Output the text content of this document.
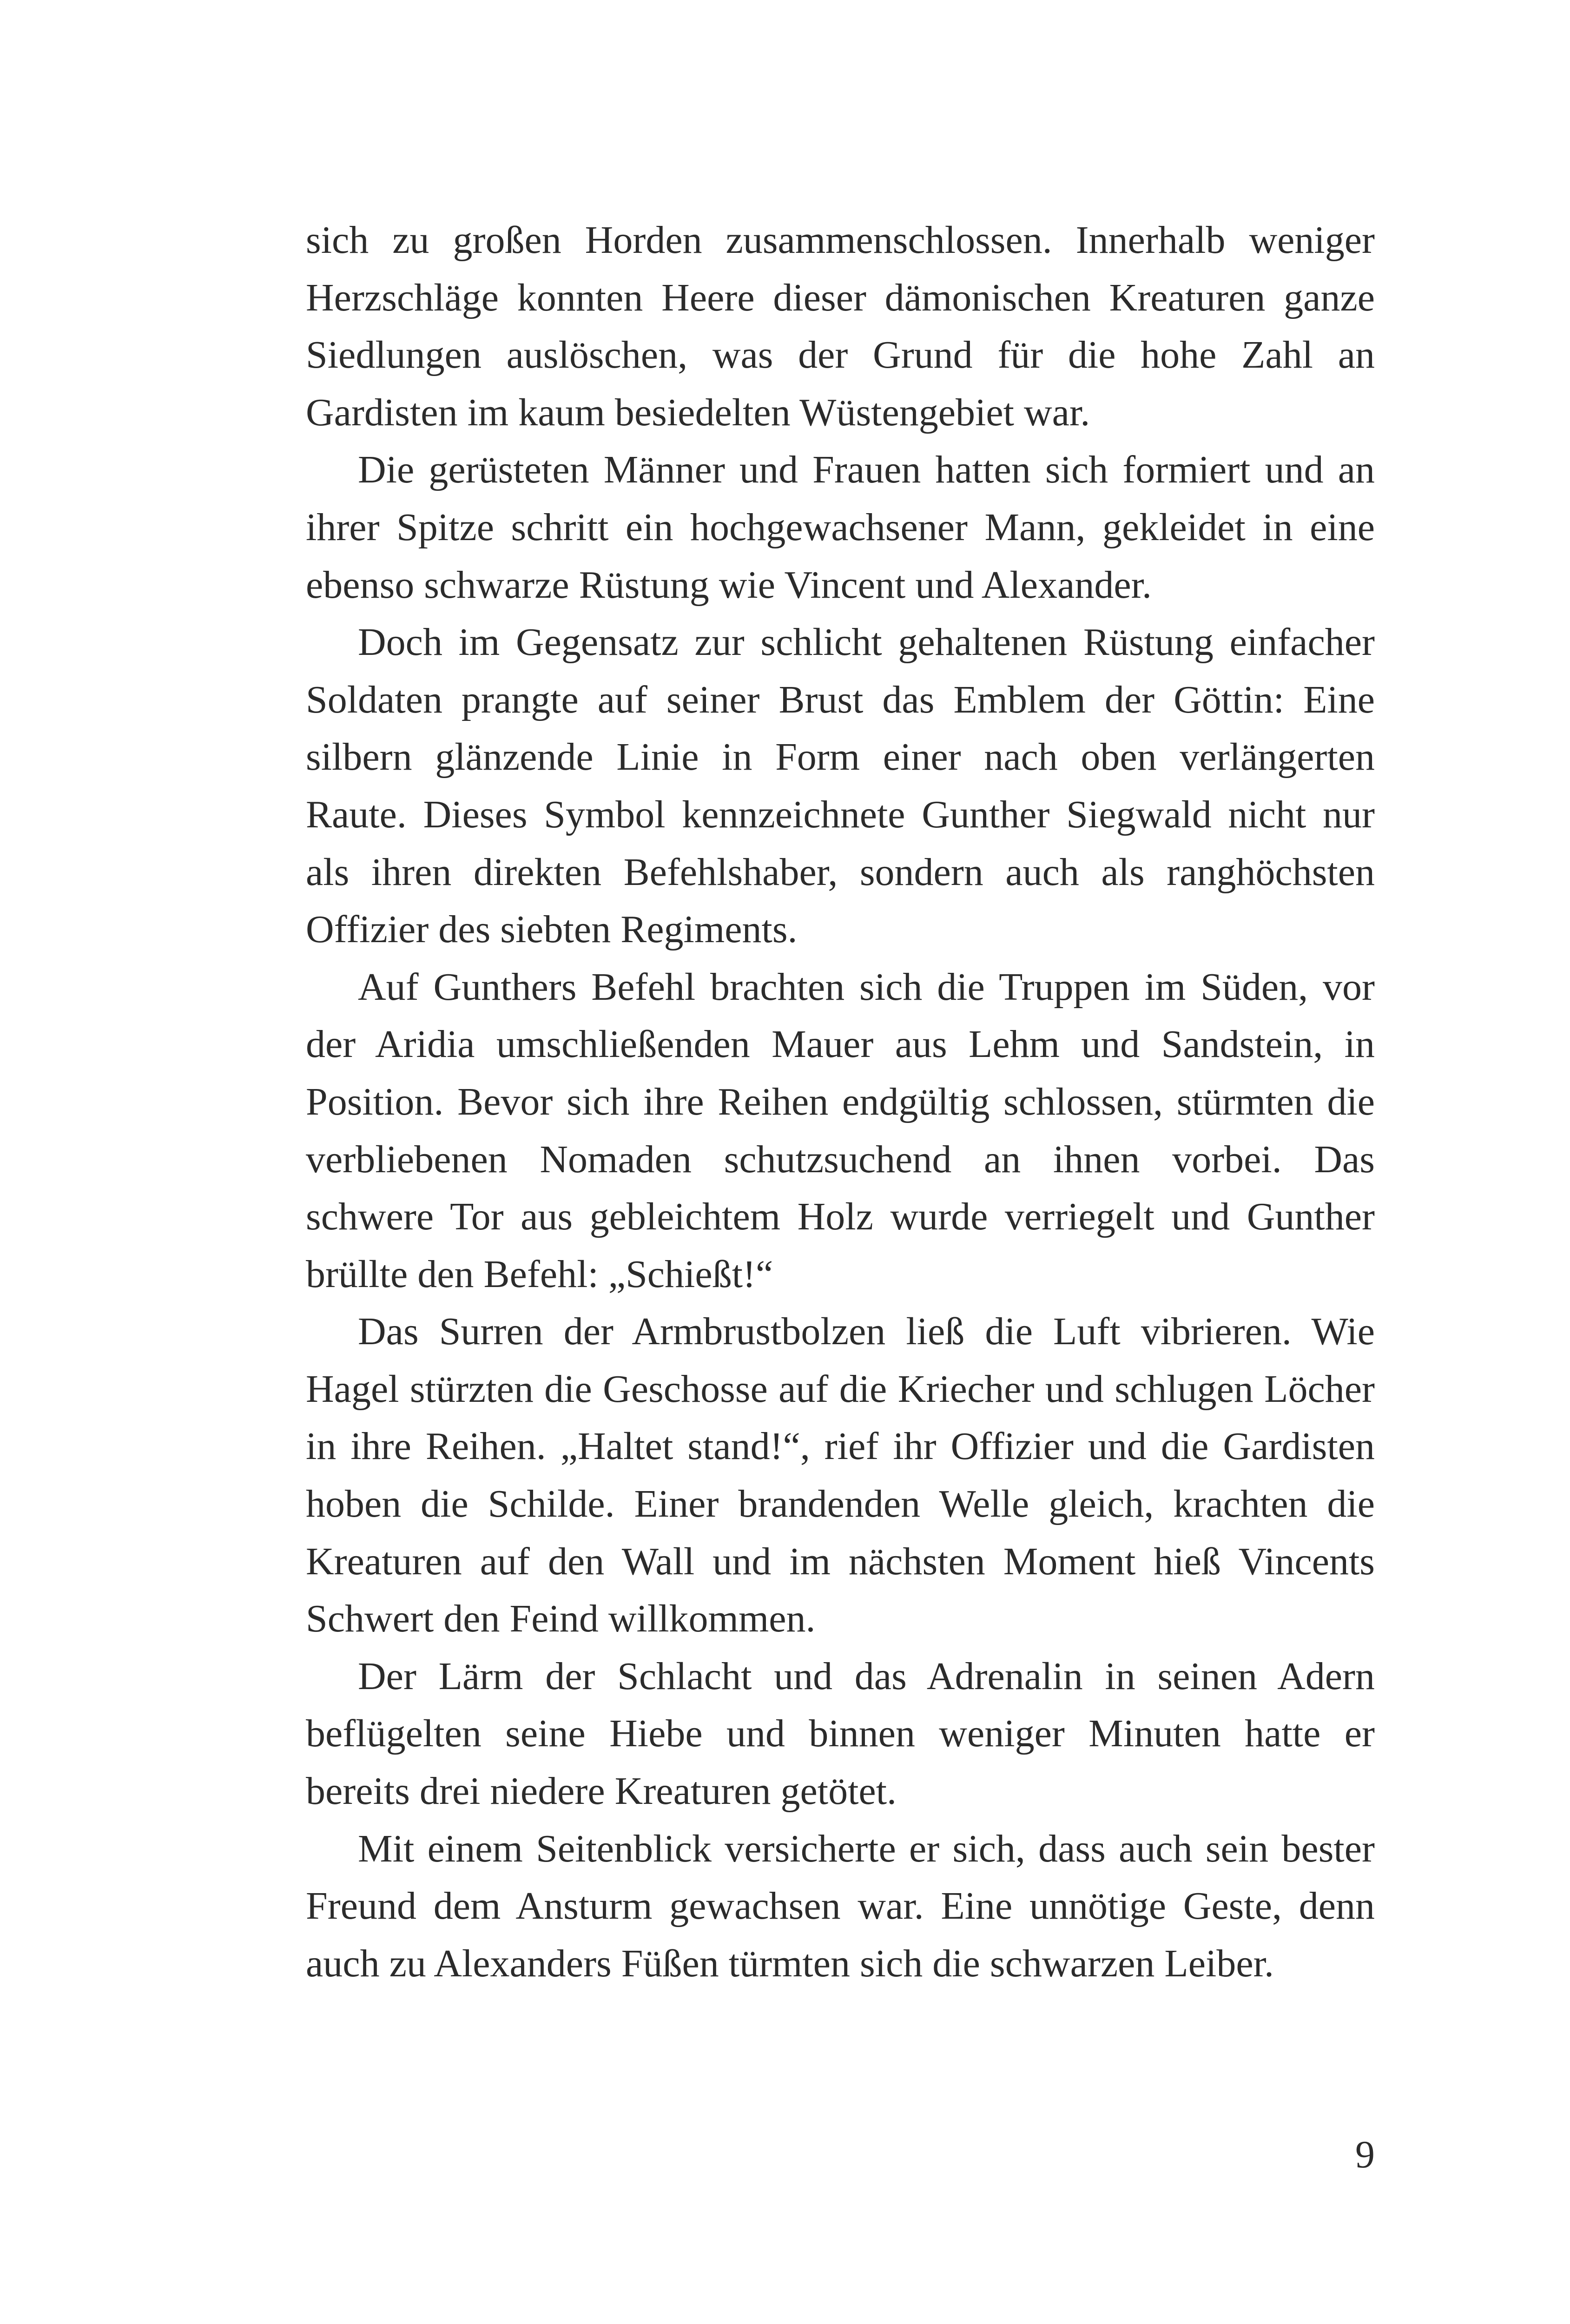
sich zu großen Horden zusammenschlossen. Innerhalb weniger Herzschläge konnten Heere dieser dämonischen Kreaturen ganze Siedlungen auslöschen, was der Grund für die hohe Zahl an Gardisten im kaum besiedelten Wüstengebiet war.

Die gerüsteten Männer und Frauen hatten sich formiert und an ihrer Spitze schritt ein hochgewachsener Mann, gekleidet in eine ebenso schwarze Rüstung wie Vincent und Alexander.

Doch im Gegensatz zur schlicht gehaltenen Rüstung einfacher Soldaten prangte auf seiner Brust das Emblem der Göttin: Eine silbern glänzende Linie in Form einer nach oben verlängerten Raute. Dieses Symbol kennzeichnete Gunther Siegwald nicht nur als ihren direkten Befehlshaber, sondern auch als ranghöchsten Offizier des siebten Regiments.

Auf Gunthers Befehl brachten sich die Truppen im Süden, vor der Aridia umschließenden Mauer aus Lehm und Sandstein, in Position. Bevor sich ihre Reihen endgültig schlossen, stürmten die verbliebenen Nomaden schutzsuchend an ihnen vorbei. Das schwere Tor aus gebleichtem Holz wurde verriegelt und Gunther brüllte den Befehl: „Schießt!“

Das Surren der Armbrustbolzen ließ die Luft vibrieren. Wie Hagel stürzten die Geschosse auf die Kriecher und schlugen Löcher in ihre Reihen. „Haltet stand!“, rief ihr Offizier und die Gardisten hoben die Schilde. Einer brandenden Welle gleich, krachten die Kreaturen auf den Wall und im nächsten Moment hieß Vincents Schwert den Feind willkommen.

Der Lärm der Schlacht und das Adrenalin in seinen Adern beflügelten seine Hiebe und binnen weniger Minuten hatte er bereits drei niedere Kreaturen getötet.

Mit einem Seitenblick versicherte er sich, dass auch sein bester Freund dem Ansturm gewachsen war. Eine unnötige Geste, denn auch zu Alexanders Füßen türmten sich die schwarzen Leiber.

9
